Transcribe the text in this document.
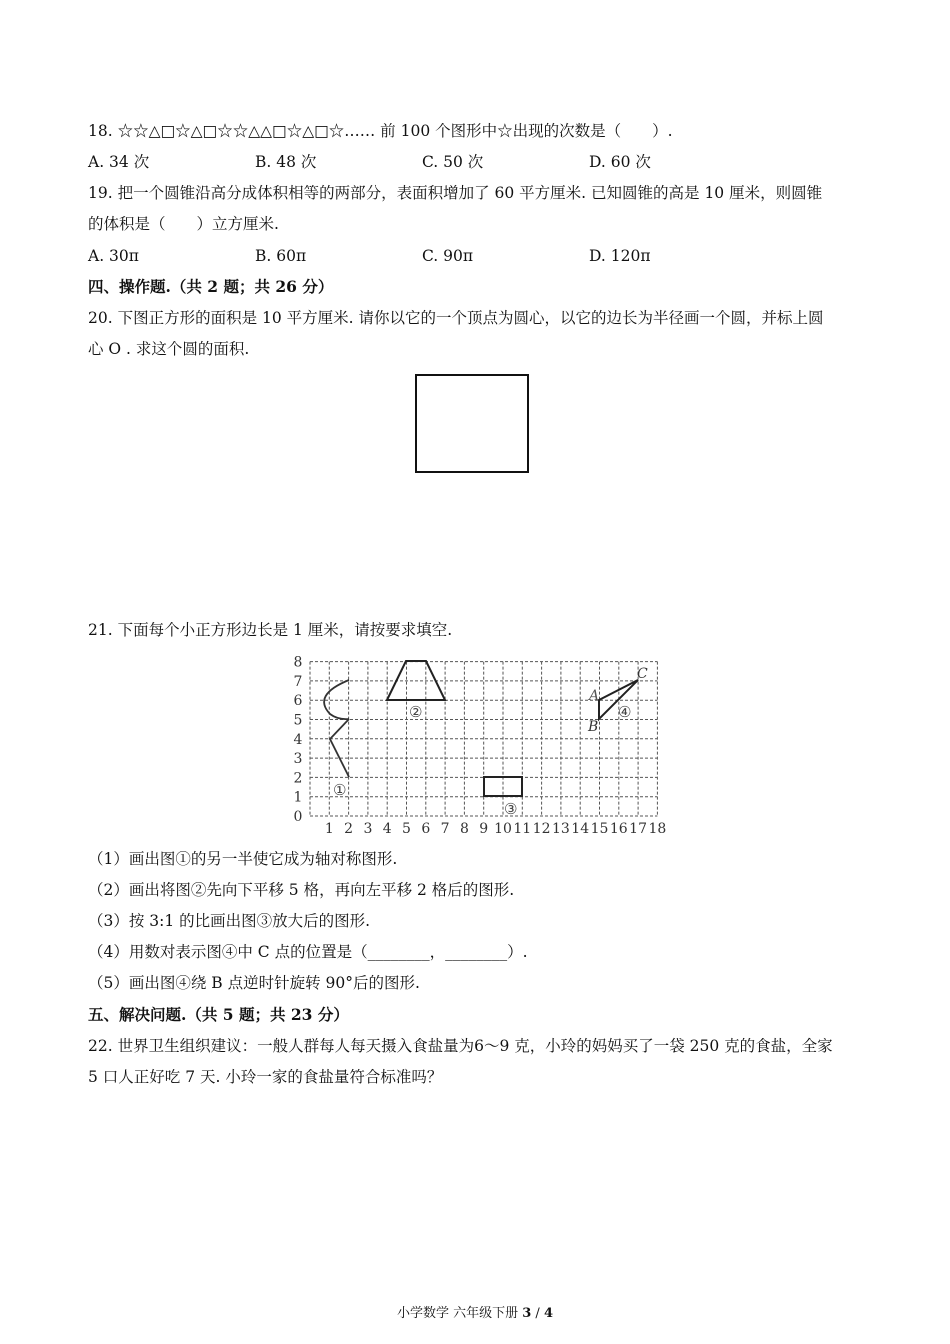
18. ☆☆△□☆△□☆☆△△□☆△□☆…… 前 100 个图形中☆出现的次数是（　　）.
A. 34 次	B. 48 次	C. 50 次	D. 60 次
19. 把一个圆锥沿高分成体积相等的两部分，表面积增加了 60 平方厘米. 已知圆锥的高是 10 厘米，则圆锥
的体积是（　　）立方厘米.
A. 30π	B. 60π	C. 90π	D. 120π
四、操作题.（共 2 题；共 26 分）
20. 下图正方形的面积是 10 平方厘米. 请你以它的一个顶点为圆心，以它的边长为半径画一个圆，并标上圆
心 O . 求这个圆的面积.
21. 下面每个小正方形边长是 1 厘米，请按要求填空.
1 2 3 4 5 6 7 8 9 10 11 12 13 14 15 16 17 18
0
1
2
3
4
5
6
7
8
①
②
③
④
A
B
C
（1）画出图①的另一半使它成为轴对称图形.
（2）画出将图②先向下平移 5 格，再向左平移 2 格后的图形.
（3）按 3:1 的比画出图③放大后的图形.
（4）用数对表示图④中 C 点的位置是（________，________）.
（5）画出图④绕 B 点逆时针旋转 90°后的图形.
五、解决问题.（共 5 题；共 23 分）
22. 世界卫生组织建议：一般人群每人每天摄入食盐量为6～9 克，小玲的妈妈买了一袋 250 克的食盐，全家
5 口人正好吃 7 天. 小玲一家的食盐量符合标准吗？
小学数学 六年级下册 3 / 4
